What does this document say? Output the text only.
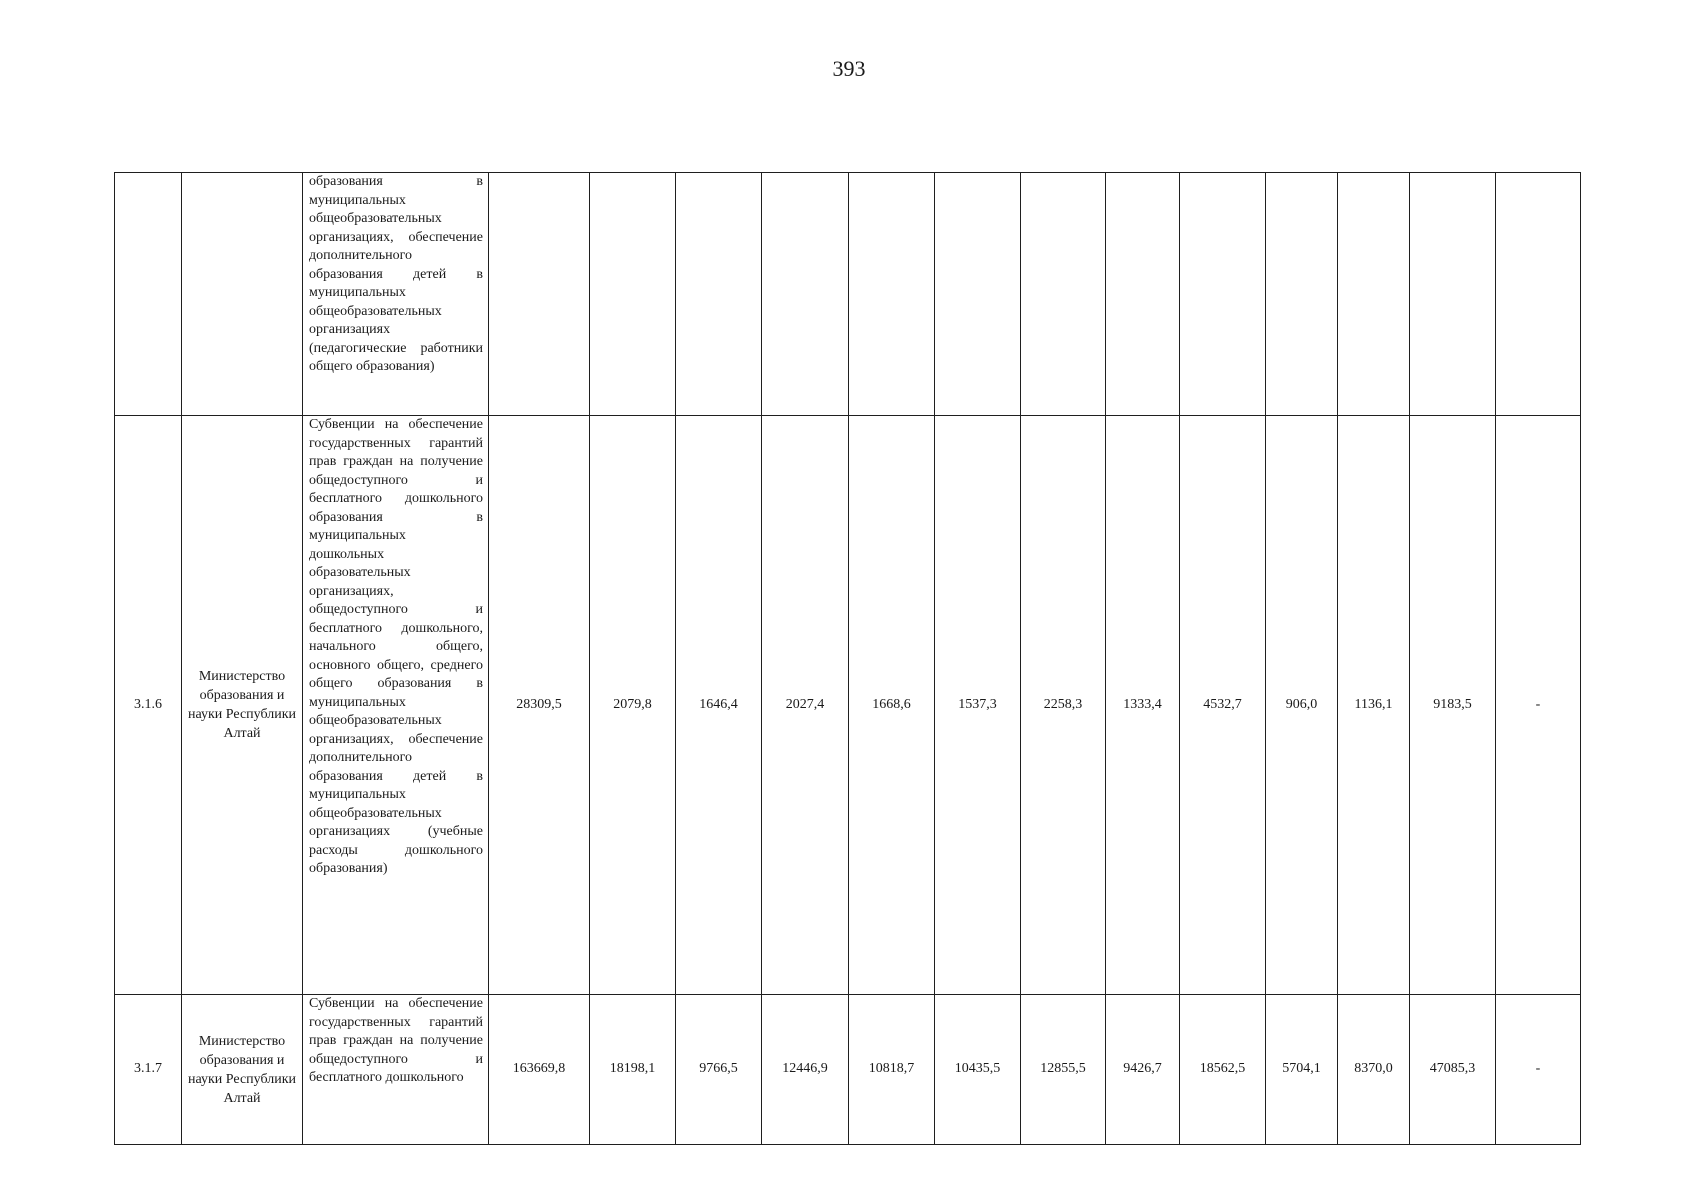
393

		образования в муниципальных общеобразовательных организациях, обеспечение дополнительного образования детей в муниципальных общеобразовательных организациях (педагогические работники общего образования)													

3.1.6	Министерство образования и науки Республики Алтай	Субвенции на обеспечение государственных гарантий прав граждан на получение общедоступного и бесплатного дошкольного образования в муниципальных дошкольных образовательных организациях, общедоступного и бесплатного дошкольного, начального общего, основного общего, среднего общего образования в муниципальных общеобразовательных организациях, обеспечение дополнительного образования детей в муниципальных общеобразовательных организациях (учебные расходы дошкольного образования)	28309,5	2079,8	1646,4	2027,4	1668,6	1537,3	2258,3	1333,4	4532,7	906,0	1136,1	9183,5	-
3.1.7	Министерство образования и науки Республики Алтай	Субвенции на обеспечение государственных гарантий прав граждан на получение общедоступного и бесплатного дошкольного	163669,8	18198,1	9766,5	12446,9	10818,7	10435,5	12855,5	9426,7	18562,5	5704,1	8370,0	47085,3	-
